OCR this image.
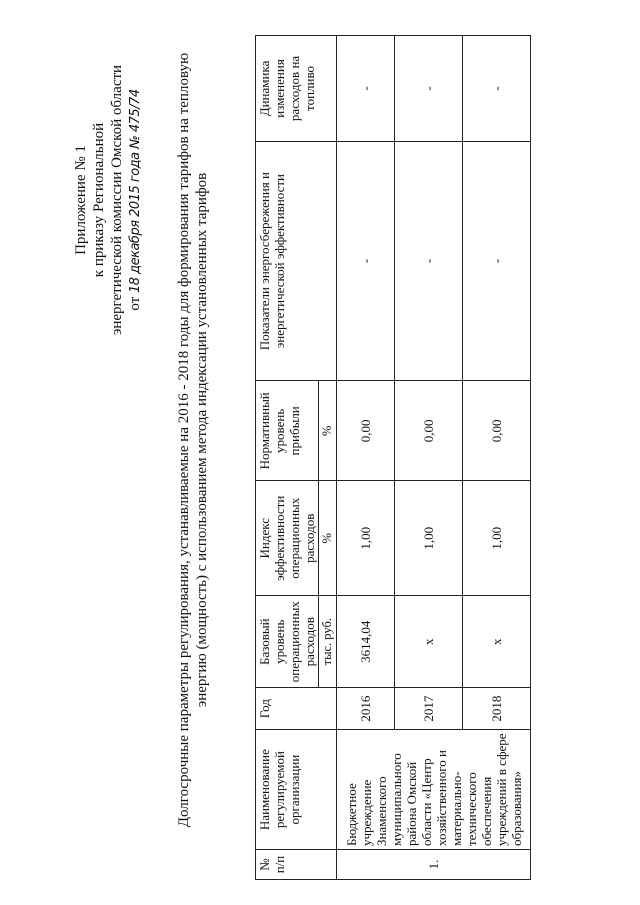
Приложение № 1 к приказу Региональной энергетической комиссии Омской области от 18 декабря 2015 года № 475/74 Долгосрочные параметры регулирования, устанавливаемые на 2016 - 2018 годы для формирования тарифов на тепловую энергию (мощность) с использованием метода индексации установленных тарифов
№ п/п	Наименование регулируемой организации	Год	Базовый уровень операционных расходов	Индекс эффективности операционных расходов	Нормативный уровень прибыли	Показатели энергосбережения и энергетической эффективности	Динамика изменения расходов на топливо
			тыс. руб.	%	%		
1.	Бюджетное учреждение Знаменского муниципального района Омской области «Центр хозяйственного и материально-технического обеспечения учреждений в сфере образования»	2016	3614,04	1,00	0,00	-	-
		2017	х	1,00	0,00	-	-
		2018	х	1,00	0,00	-	-
